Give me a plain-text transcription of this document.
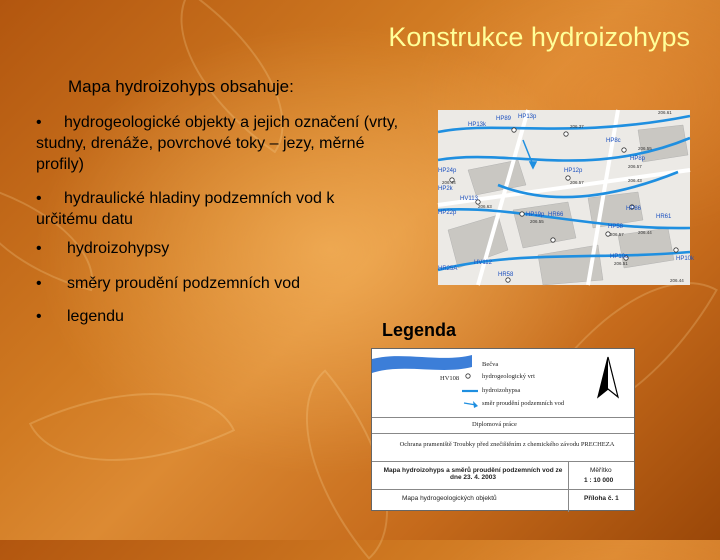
Konstrukce hydroizohyps
Mapa hydroizohyps obsahuje:
• hydrogeologické objekty a jejich označení (vrty, studny, drenáže, povrchové toky – jezy, měrné profily)
• hydraulické hladiny podzemních vod k určitému datu
• hydroizohypsy
• směry proudění podzemních vod
• legendu
HP13k
HP89 HP13p
HP8c
HP8p
HP12p
HP24p
HP2k
HV113
HP19p HR66
HP22p
HP58
HR61
HV112
HP10c
HR58
HP10k
HR25A
HP86
206.61
206.37
206.55
206.57
206.43
206.57
206.44
206.63
206.55
206.57	206.44
206.51
206.44
Legenda
HV108
Bečva
hydrogeologický vrt
hydroizohypsa
směr proudění podzemních vod
Diplomová práce
Ochrana prameniště Troubky před znečištěním z chemického závodu PRECHEZA
Mapa hydroizohyps a směrů proudění podzemních vod ze dne 23. 4. 2003
Mapa hydrogeologických objektů
Měřítko
1 : 10 000
Příloha č. 1
